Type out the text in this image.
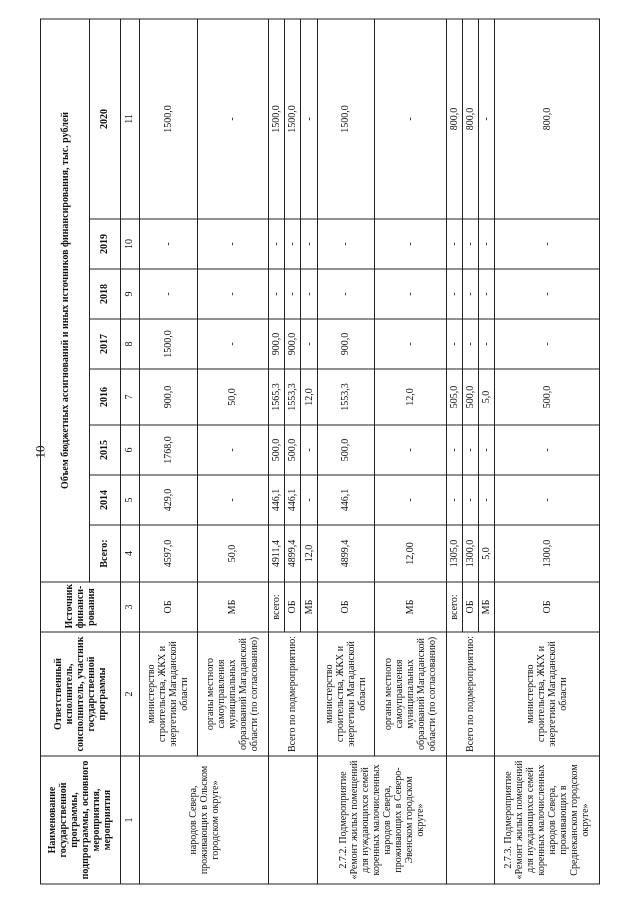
10
Наименование государственной программы, подпрограммы, основного мероприятия, мероприятия	Ответственный исполнитель, соисполнитель, участник государственной программы	Источник финанси-рования	Объем бюджетных ассигнований и иных источников финансирования, тыс. рублей							
			Всего:	2014	2015	2016	2017	2018	2019	2020
1	2	3	4	5	6	7	8	9	10	11
народов Севера, проживающих в Ольском городском округе»	министерство строительства, ЖКХ и энергетики Магаданской области	ОБ	4597,0	429,0	1768,0	900,0	1500,0	-	-	1500,0
	органы местного самоуправления муниципальных образований Магаданской области (по согласованию)	МБ	50,0	-	-	50,0	-	-	-	-
	Всего по подмероприятию:	всего:	4911,4	446,1	500,0	1565,3	900,0	-	-	1500,0
		ОБ	4899,4	446,1	500,0	1553,3	900,0	-	-	1500,0
		МБ	12,0	-	-	12,0	-	-	-	-
2.7.2. Подмероприятие «Ремонт жилых помещений для нуждающихся семей коренных малочисленных народов Севера, проживающих в Северо-Эвенском городском округе»	министерство строительства, ЖКХ и энергетики Магаданской области	ОБ	4899,4	446,1	500,0	1553,3	900,0	-	-	1500,0
	органы местного самоуправления муниципальных образований Магаданской области (по согласованию)	МБ	12,00	-	-	12,0	-	-	-	-
	Всего по подмероприятию:	всего:	1305,0	-	-	505,0	-	-	-	800,0
		ОБ	1300,0	-	-	500,0	-	-	-	800,0
		МБ	5,0	-	-	5,0	-	-	-	-
2.7.3. Подмероприятие «Ремонт жилых помещений для нуждающихся семей коренных малочисленных народов Севера, проживающих в Среднеканском городском округе»	министерство строительства, ЖКХ и энергетики Магаданской области	ОБ	1300,0	-	-	500,0	-	-	-	800,0
